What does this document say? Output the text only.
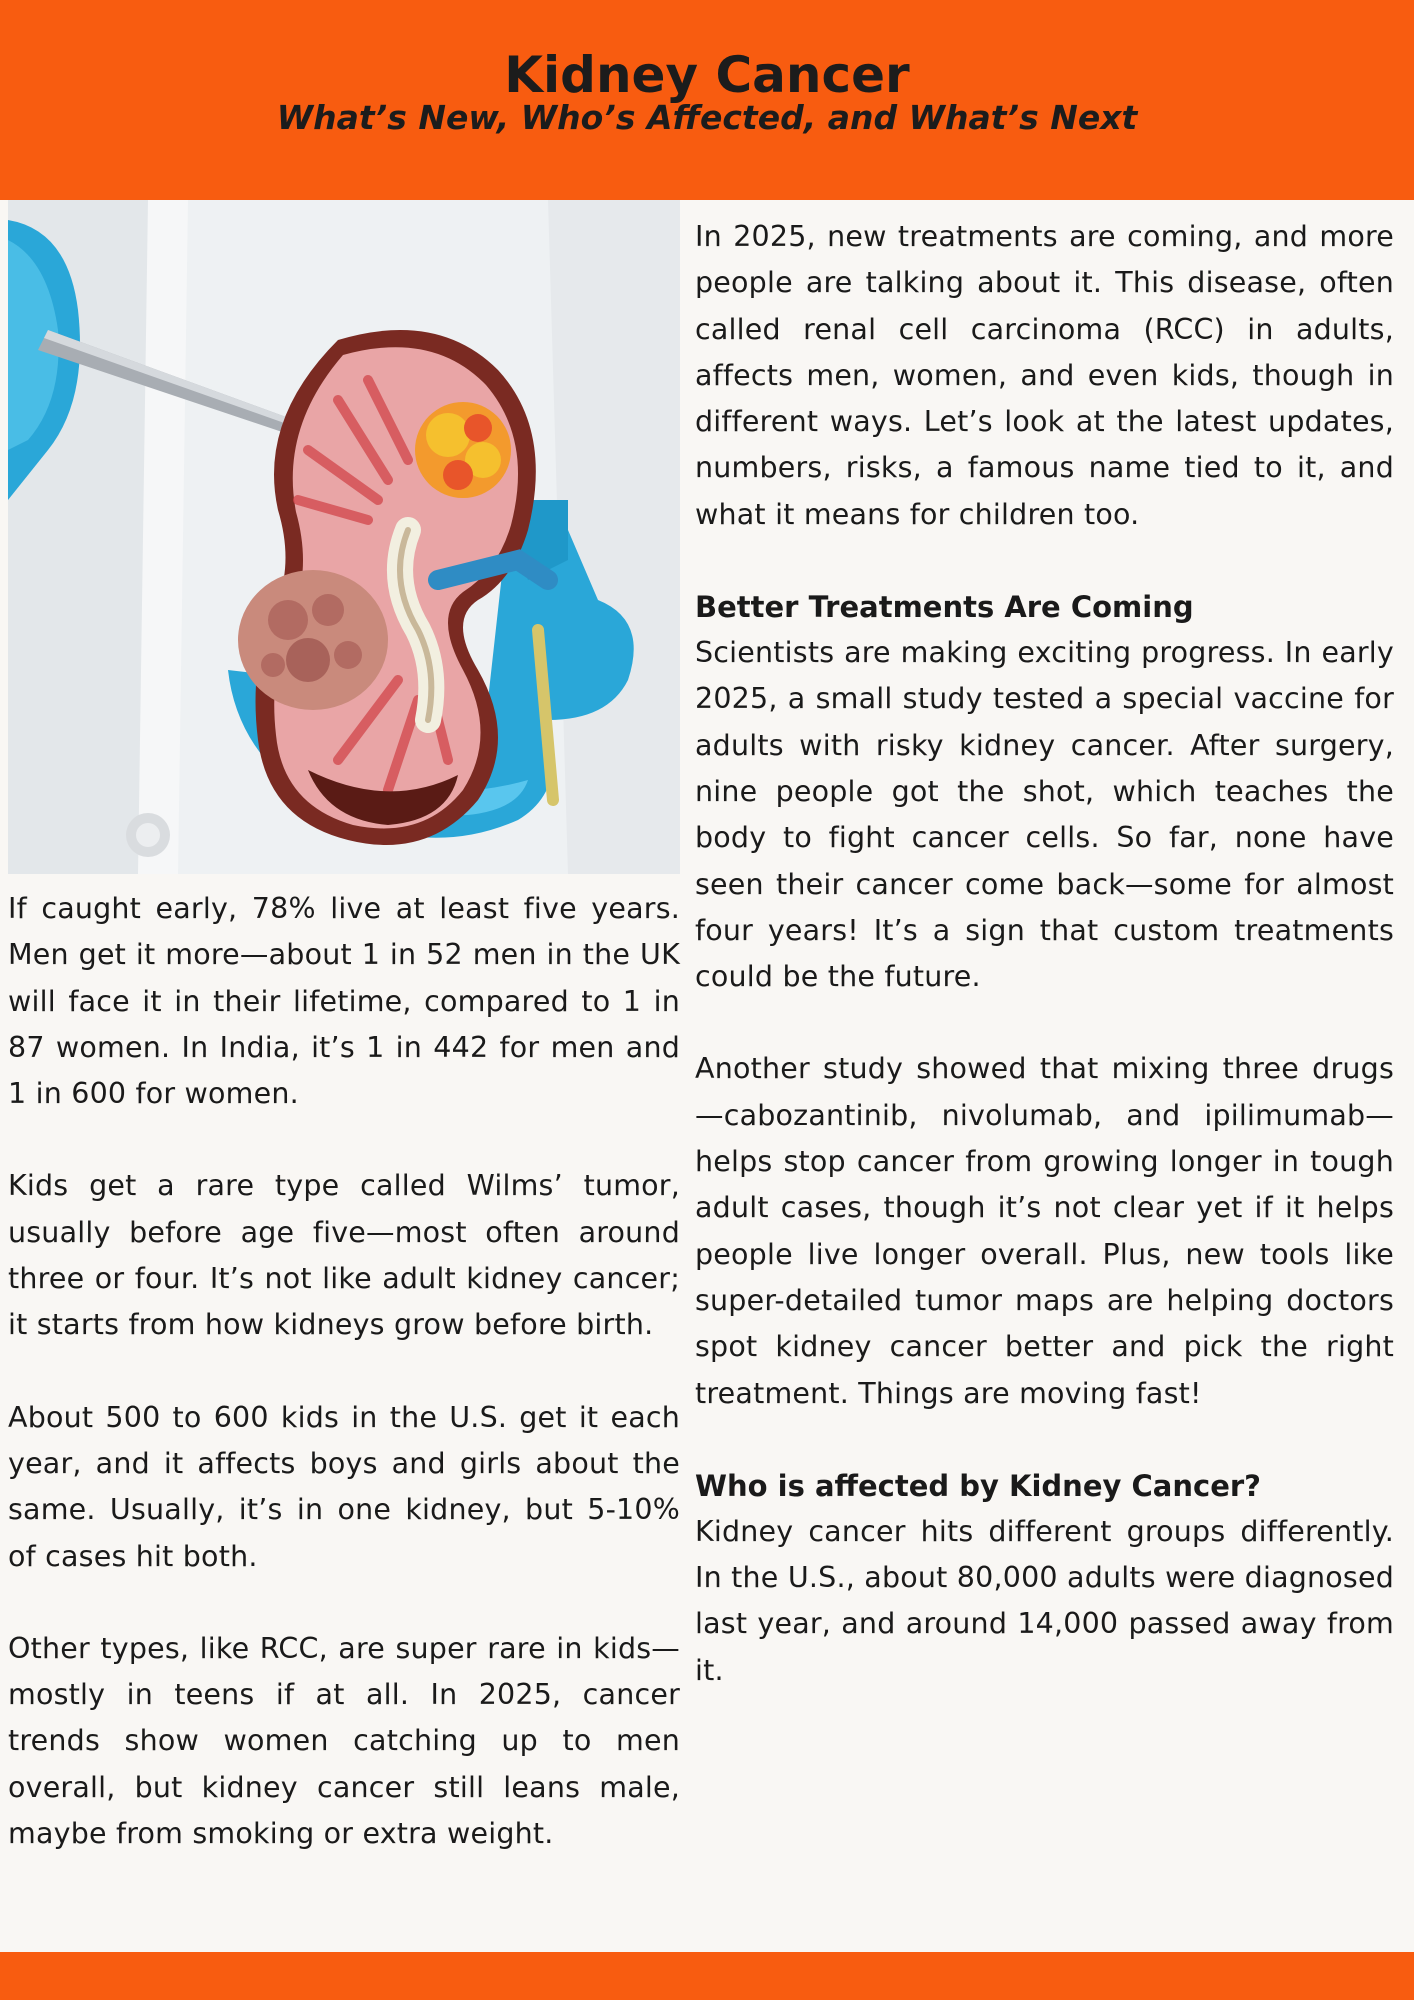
Kidney Cancer
What’s New, Who’s Affected, and What’s Next

If caught early, 78% live at least five years. Men get it more—about 1 in 52 men in the UK will face it in their lifetime, compared to 1 in 87 women. In India, it’s 1 in 442 for men and 1 in 600 for women.

Kids get a rare type called Wilms’ tumor, usually before age five—most often around three or four. It’s not like adult kidney cancer; it starts from how kidneys grow before birth.

About 500 to 600 kids in the U.S. get it each year, and it affects boys and girls about the same. Usually, it’s in one kidney, but 5-10% of cases hit both.

Other types, like RCC, are super rare in kids—mostly in teens if at all. In 2025, cancer trends show women catching up to men overall, but kidney cancer still leans male, maybe from smoking or extra weight.

In 2025, new treatments are coming, and more people are talking about it. This disease, often called renal cell carcinoma (RCC) in adults, affects men, women, and even kids, though in different ways. Let’s look at the latest updates, numbers, risks, a famous name tied to it, and what it means for children too.

Better Treatments Are Coming

Scientists are making exciting progress. In early 2025, a small study tested a special vaccine for adults with risky kidney cancer. After surgery, nine people got the shot, which teaches the body to fight cancer cells. So far, none have seen their cancer come back—some for almost four years! It’s a sign that custom treatments could be the future.

Another study showed that mixing three drugs—cabozantinib, nivolumab, and ipilimumab—helps stop cancer from growing longer in tough adult cases, though it’s not clear yet if it helps people live longer overall. Plus, new tools like super-detailed tumor maps are helping doctors spot kidney cancer better and pick the right treatment. Things are moving fast!

Who is affected by Kidney Cancer?

Kidney cancer hits different groups differently. In the U.S., about 80,000 adults were diagnosed last year, and around 14,000 passed away from it.
